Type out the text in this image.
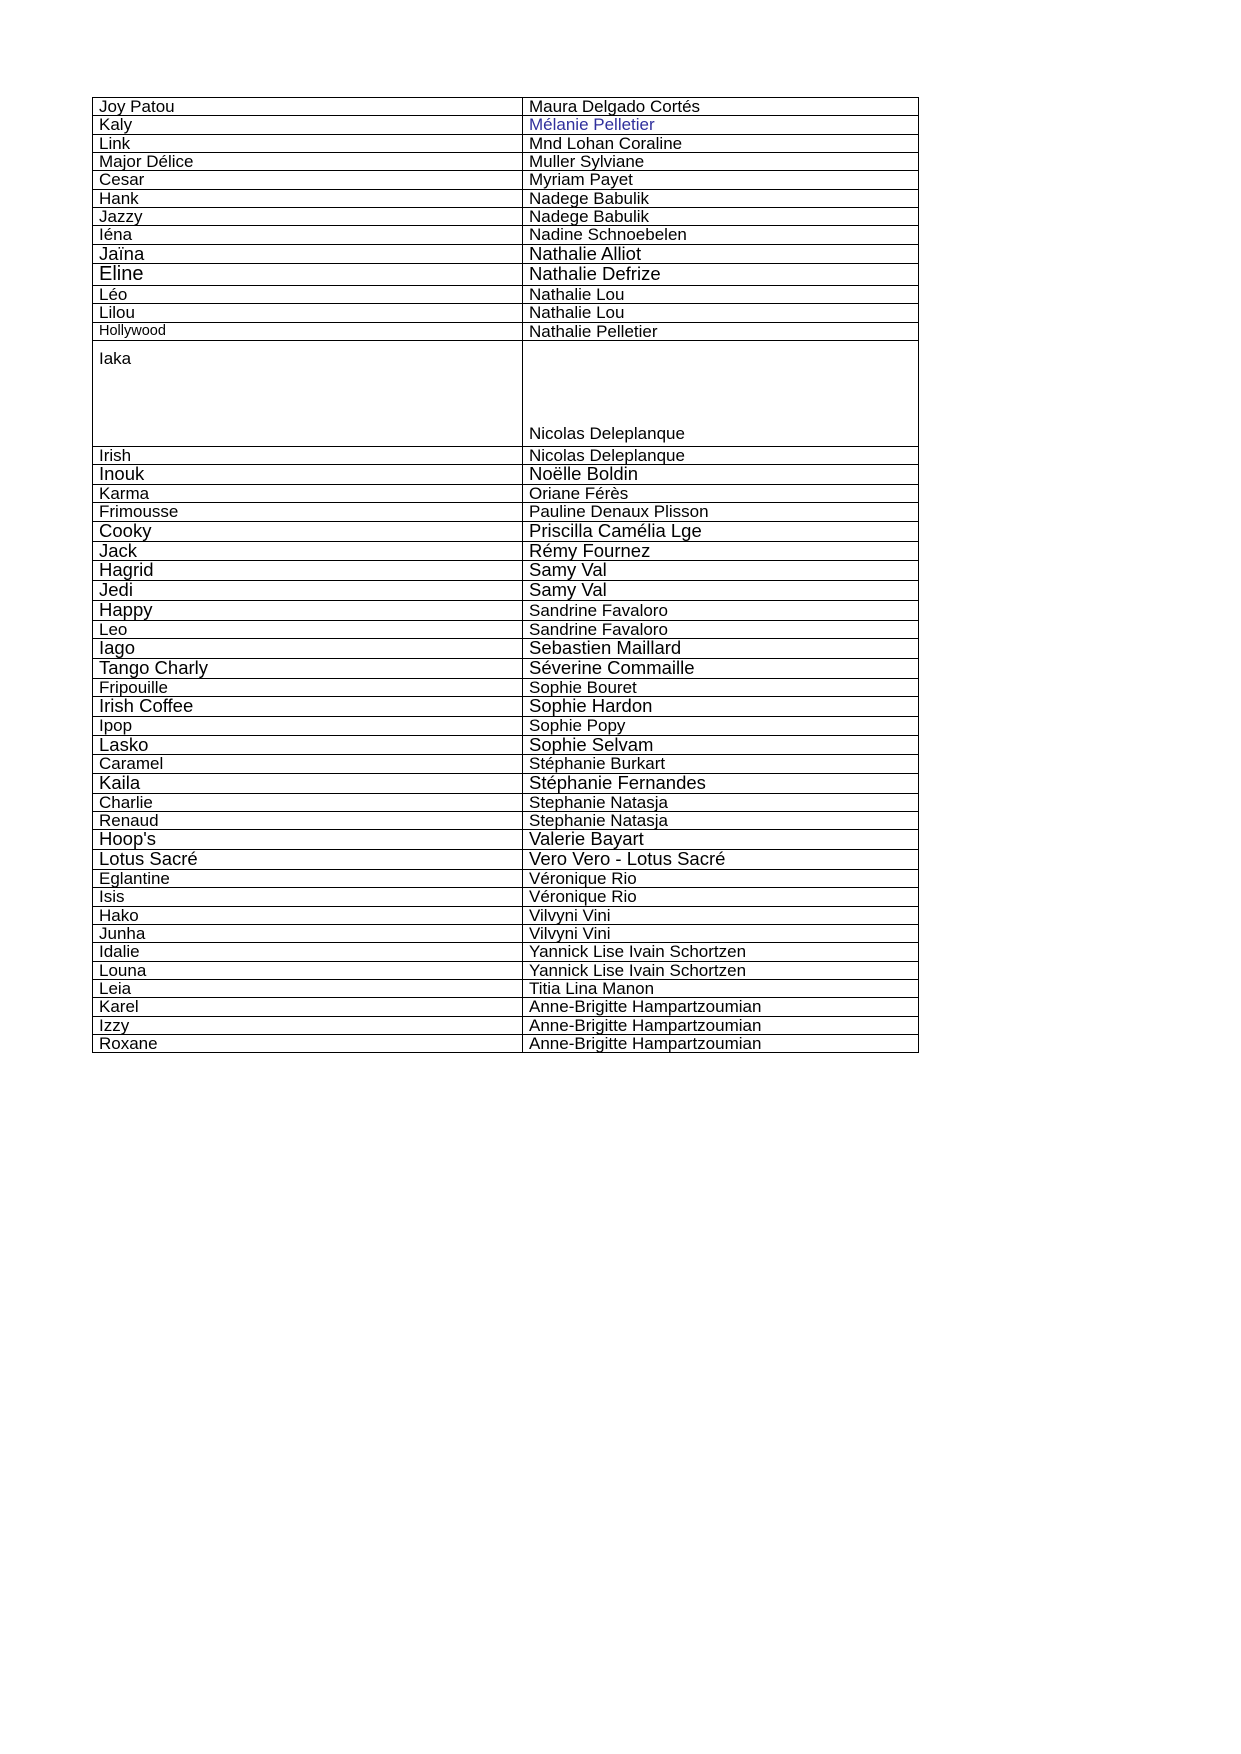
Joy Patou	Maura Delgado Cortés
Kaly	Mélanie Pelletier
Link	Mnd Lohan Coraline
Major Délice	Muller Sylviane
Cesar	Myriam Payet
Hank	Nadege Babulik
Jazzy	Nadege Babulik
Iéna	Nadine Schnoebelen
Jaïna	Nathalie Alliot
Eline	Nathalie Defrize
Léo	Nathalie Lou
Lilou	Nathalie Lou
Hollywood	Nathalie Pelletier
Iaka	Nicolas Deleplanque
Irish	Nicolas Deleplanque
Inouk	Noëlle Boldin
Karma	Oriane Férès
Frimousse	Pauline Denaux Plisson
Cooky	Priscilla Camélia Lge
Jack	Rémy Fournez
Hagrid	Samy Val
Jedi	Samy Val
Happy	Sandrine Favaloro
Leo	Sandrine Favaloro
Iago	Sebastien Maillard
Tango Charly	Séverine Commaille
Fripouille	Sophie Bouret
Irish Coffee	Sophie Hardon
Ipop	Sophie Popy
Lasko	Sophie Selvam
Caramel	Stéphanie Burkart
Kaila	Stéphanie Fernandes
Charlie	Stephanie Natasja
Renaud	Stephanie Natasja
Hoop's	Valerie Bayart
Lotus Sacré	Vero Vero - Lotus Sacré
Eglantine	Véronique Rio
Isis	Véronique Rio
Hako	Vilvyni Vini
Junha	Vilvyni Vini
Idalie	Yannick Lise Ivain Schortzen
Louna	Yannick Lise Ivain Schortzen
Leia	Titia Lina Manon
Karel	Anne-Brigitte Hampartzoumian
Izzy	Anne-Brigitte Hampartzoumian
Roxane	Anne-Brigitte Hampartzoumian
